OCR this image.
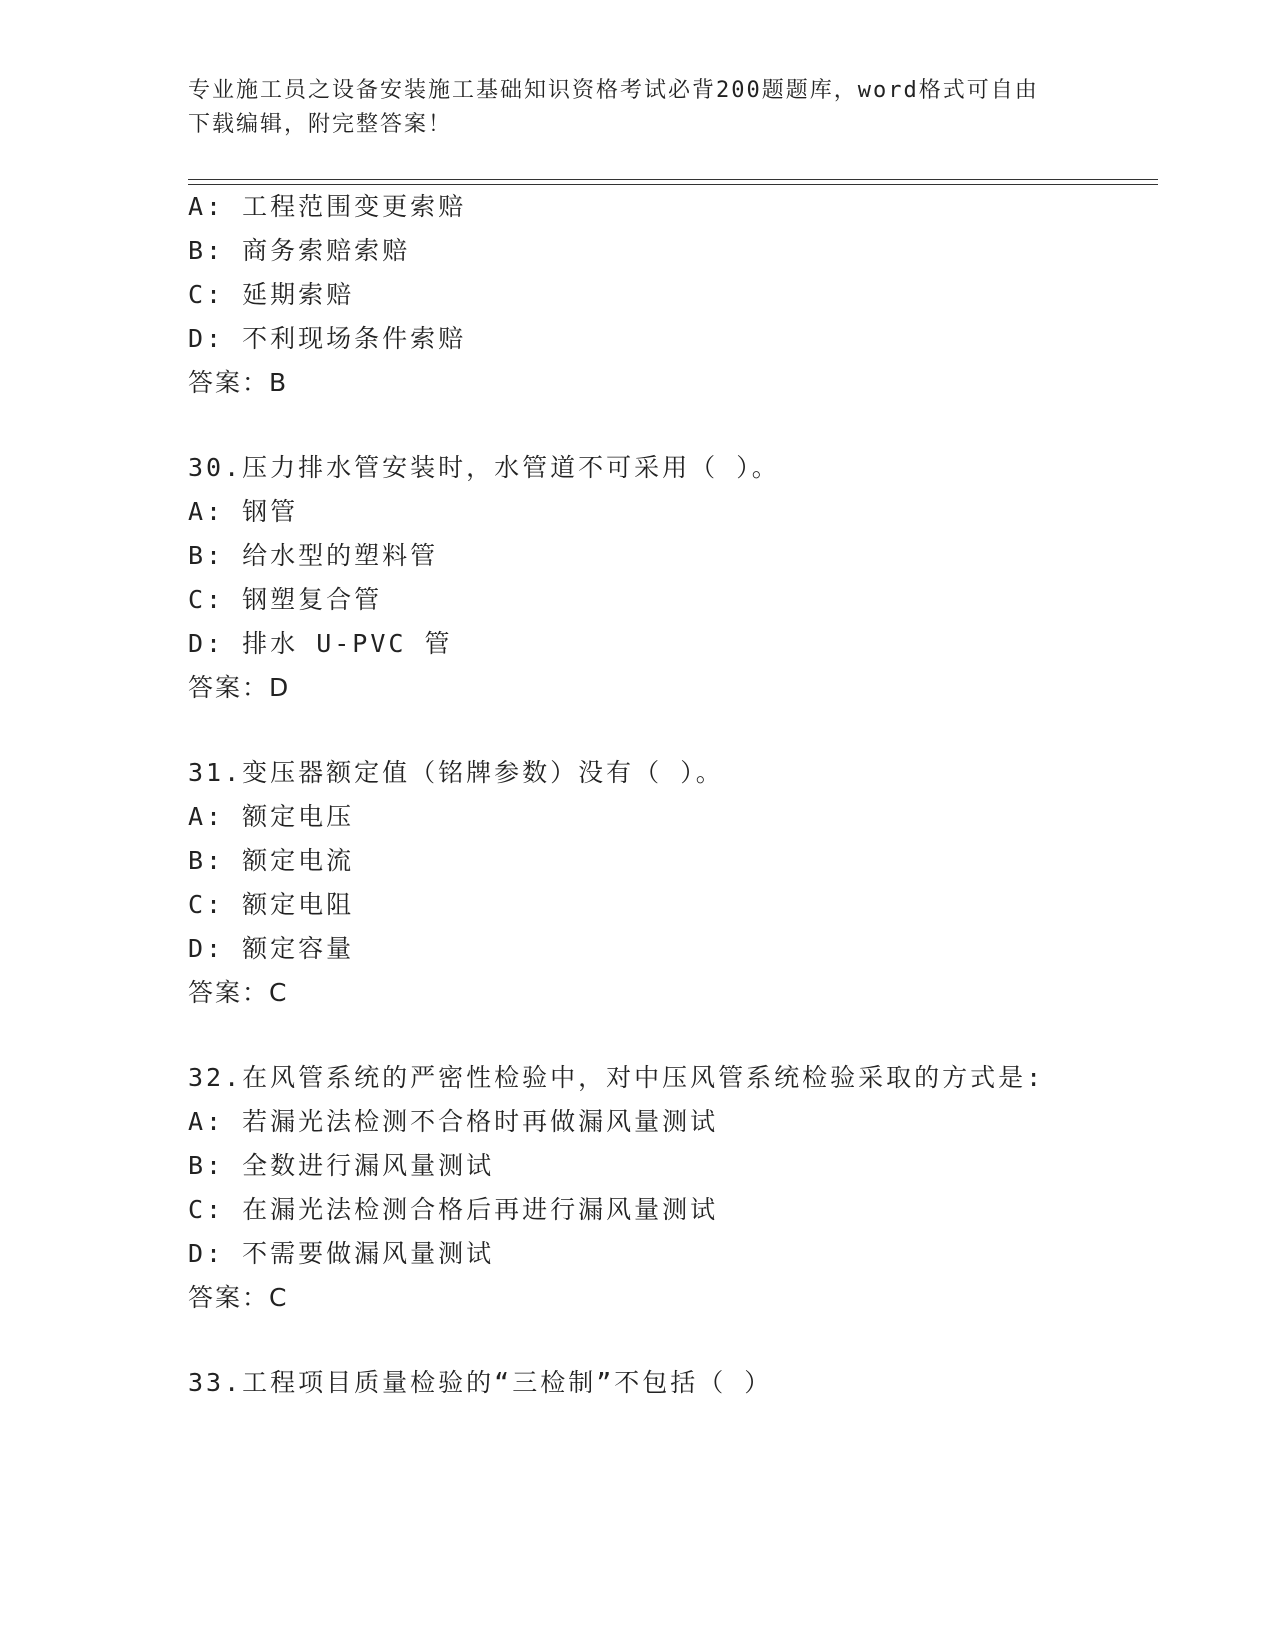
专业施工员之设备安装施工基础知识资格考试必背200题题库，word格式可自由
下载编辑，附完整答案！
A: 工程范围变更索赔
B: 商务索赔索赔
C: 延期索赔
D: 不利现场条件索赔
答案：B
30.压力排水管安装时，水管道不可采用（ ）。
A: 钢管
B: 给水型的塑料管
C: 钢塑复合管
D: 排水 U-PVC 管
答案：D
31.变压器额定值（铭牌参数）没有（ ）。
A: 额定电压
B: 额定电流
C: 额定电阻
D: 额定容量
答案：C
32.在风管系统的严密性检验中，对中压风管系统检验采取的方式是:
A: 若漏光法检测不合格时再做漏风量测试
B: 全数进行漏风量测试
C: 在漏光法检测合格后再进行漏风量测试
D: 不需要做漏风量测试
答案：C
33.工程项目质量检验的“三检制”不包括（ ）
